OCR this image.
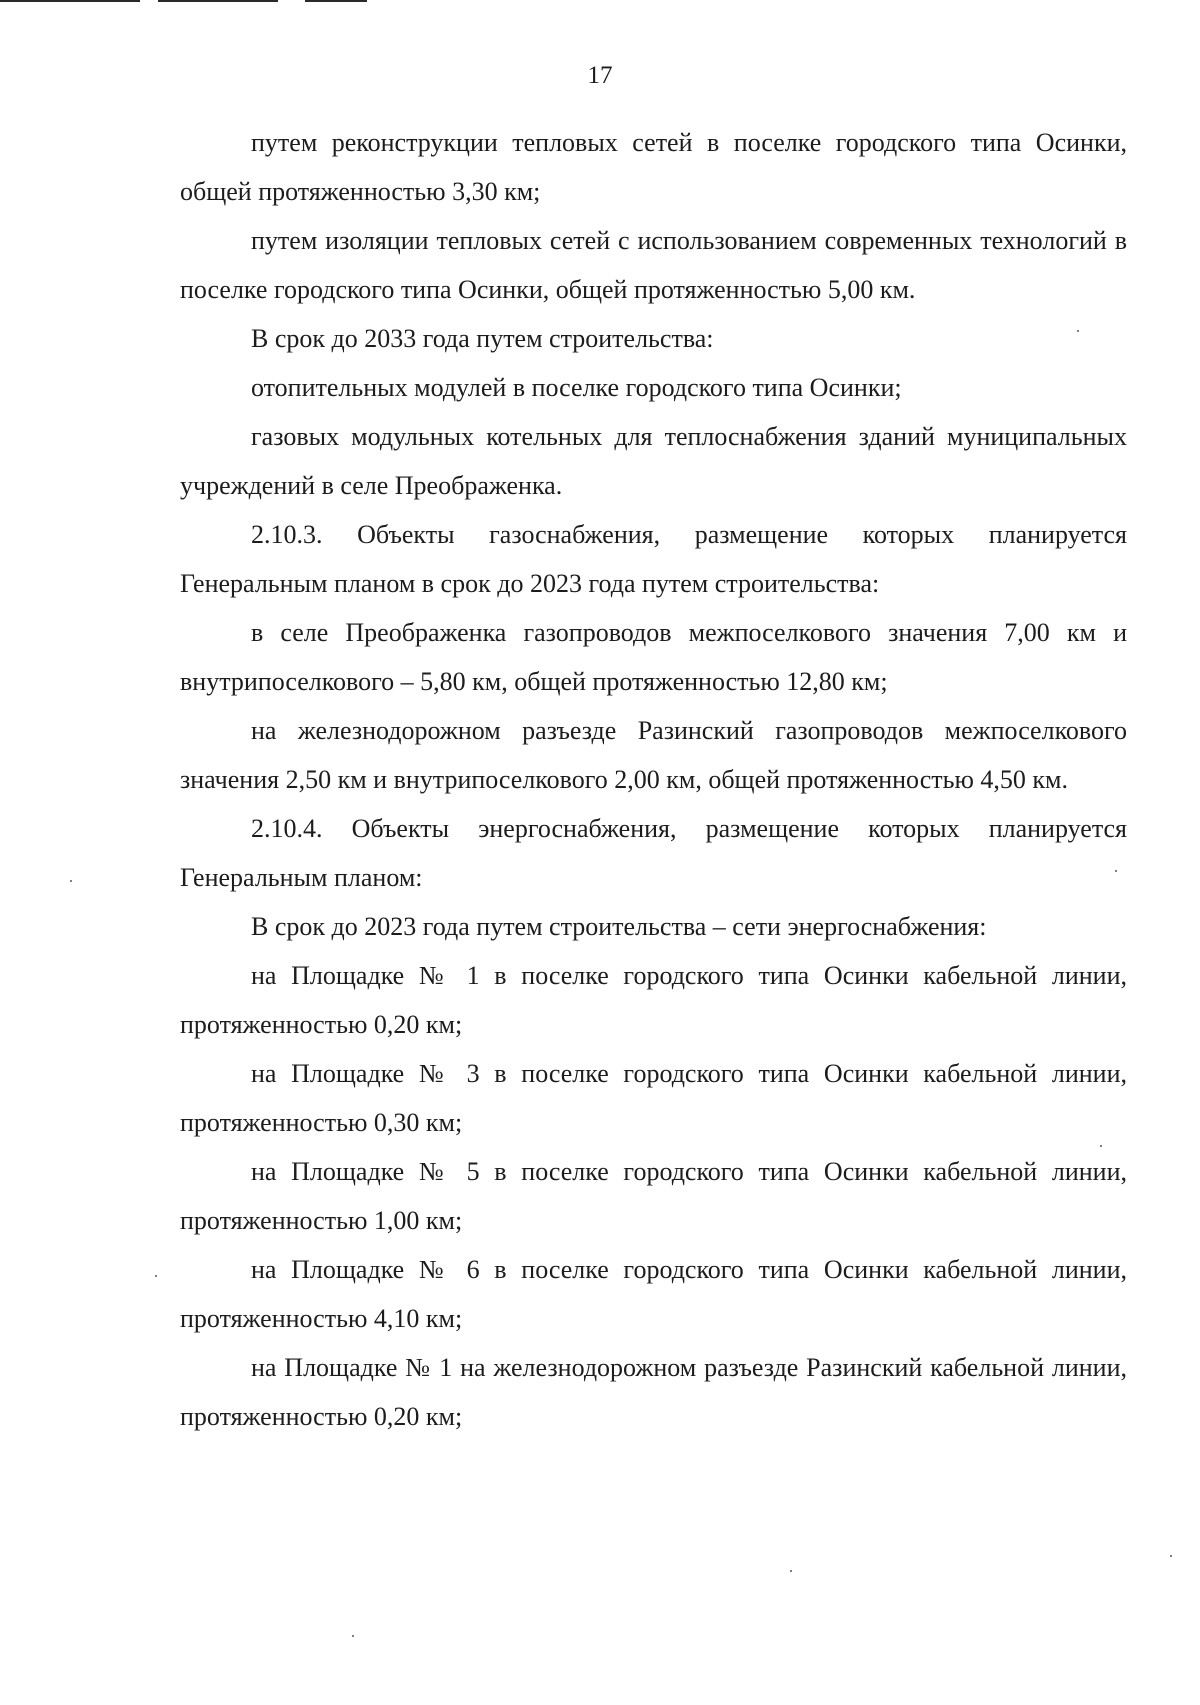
17

путем реконструкции тепловых сетей в поселке городского типа Осинки, общей протяженностью 3,30 км;

путем изоляции тепловых сетей с использованием современных технологий в поселке городского типа Осинки, общей протяженностью 5,00 км.

В срок до 2033 года путем строительства:

отопительных модулей в поселке городского типа Осинки;

газовых модульных котельных для теплоснабжения зданий муниципальных учреждений в селе Преображенка.

2.10.3. Объекты газоснабжения, размещение которых планируется Генеральным планом в срок до 2023 года путем строительства:

в селе Преображенка газопроводов межпоселкового значения 7,00 км и внутрипоселкового – 5,80 км, общей протяженностью 12,80 км;

на железнодорожном разъезде Разинский газопроводов межпоселкового значения 2,50 км и внутрипоселкового 2,00 км, общей протяженностью 4,50 км.

2.10.4. Объекты энергоснабжения, размещение которых планируется Генеральным планом:

В срок до 2023 года путем строительства – сети энергоснабжения:

на Площадке № 1 в поселке городского типа Осинки кабельной линии, протяженностью 0,20 км;

на Площадке № 3 в поселке городского типа Осинки кабельной линии, протяженностью 0,30 км;

на Площадке № 5 в поселке городского типа Осинки кабельной линии, протяженностью 1,00 км;

на Площадке № 6 в поселке городского типа Осинки кабельной линии, протяженностью 4,10 км;

на Площадке № 1 на железнодорожном разъезде Разинский кабельной линии, протяженностью 0,20 км;
